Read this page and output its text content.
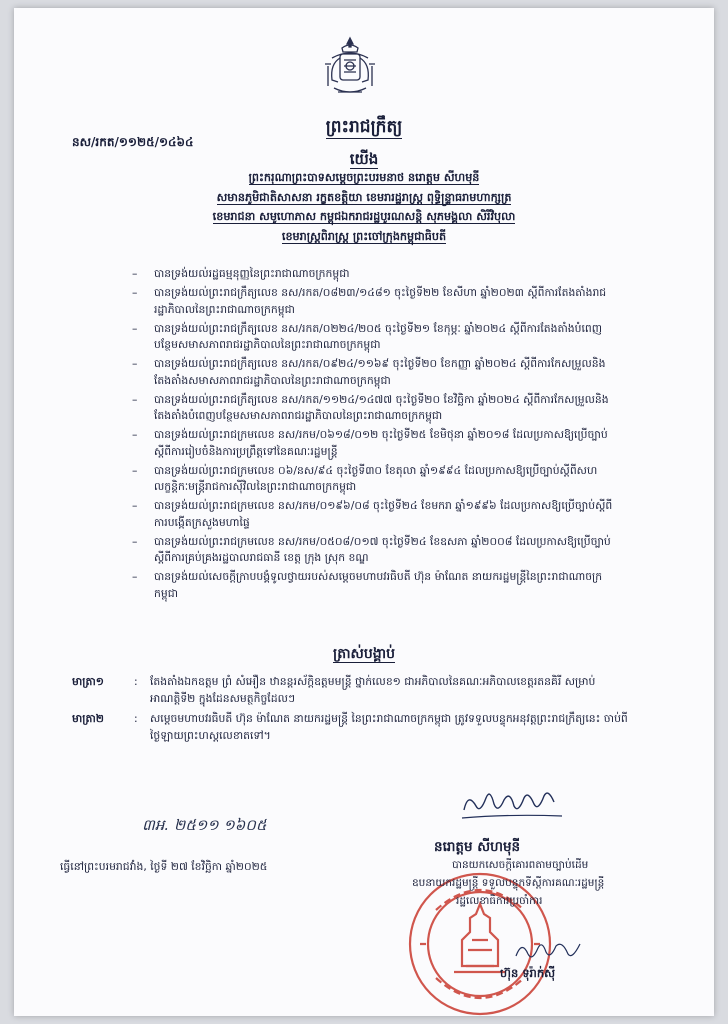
ព្រះរាជក្រឹត្យ
នស/រកត/១១២៥/១៤៦៤
យើង
ព្រះករុណាព្រះបាទសម្តេចព្រះបរមនាថ នរោត្តម សីហមុនី
សមានភូមិជាតិសាសនា រក្ខតខត្តិយា ខេមរារដ្ឋរាស្ត្រ ពុទ្ធិន្ទ្រាធរាមហាក្សត្រ
ខេមរាជនា សមូហោភាស កម្ពុជឯករាជរដ្ឋបូរណសន្តិ សុភមង្គលា សិរីវិបុលា
ខេមរាស្ត្រពិរាស្ត្រ ព្រះចៅក្រុងកម្ពុជាធិបតី
– បានទ្រង់យល់រដ្ឋធម្មនុញ្ញនៃព្រះរាជាណាចក្រកម្ពុជា
– បានទ្រង់យល់ព្រះរាជក្រឹត្យលេខ នស/រកត/០៨២៣/១៤៨១ ចុះថ្ងៃទី២២ ខែសីហា ឆ្នាំ២០២៣ ស្តីពីការតែងតាំងរាជរដ្ឋាភិបាលនៃព្រះរាជាណាចក្រកម្ពុជា
– បានទ្រង់យល់ព្រះរាជក្រឹត្យលេខ នស/រកត/០២២៤/២០៥ ចុះថ្ងៃទី២១ ខែកុម្ភៈ ឆ្នាំ២០២៤ ស្តីពីការតែងតាំងបំពេញបន្ថែមសមាសភាពរាជរដ្ឋាភិបាលនៃព្រះរាជាណាចក្រកម្ពុជា
– បានទ្រង់យល់ព្រះរាជក្រឹត្យលេខ នស/រកត/០៩២៤/១១៦៩ ចុះថ្ងៃទី២០ ខែកញ្ញា ឆ្នាំ២០២៤ ស្តីពីការកែសម្រួលនិងតែងតាំងសមាសភាពរាជរដ្ឋាភិបាលនៃព្រះរាជាណាចក្រកម្ពុជា
– បានទ្រង់យល់ព្រះរាជក្រឹត្យលេខ នស/រកត/១១២៤/១៤៧៧ ចុះថ្ងៃទី២០ ខែវិច្ឆិកា ឆ្នាំ២០២៤ ស្តីពីការកែសម្រួលនិងតែងតាំងបំពេញបន្ថែមសមាសភាពរាជរដ្ឋាភិបាលនៃព្រះរាជាណាចក្រកម្ពុជា
– បានទ្រង់យល់ព្រះរាជក្រមលេខ នស/រកម/០៦១៨/០១២ ចុះថ្ងៃទី២៥ ខែមិថុនា ឆ្នាំ២០១៨ ដែលប្រកាសឱ្យប្រើច្បាប់ស្តីពីការរៀបចំនិងការប្រព្រឹត្តទៅនៃគណៈរដ្ឋមន្ត្រី
– បានទ្រង់យល់ព្រះរាជក្រមលេខ ០៦/នស/៩៤ ចុះថ្ងៃទី៣០ ខែតុលា ឆ្នាំ១៩៩៤ ដែលប្រកាសឱ្យប្រើច្បាប់ស្តីពីសហលក្ខន្តិកៈមន្ត្រីរាជការស៊ីវិលនៃព្រះរាជាណាចក្រកម្ពុជា
– បានទ្រង់យល់ព្រះរាជក្រមលេខ នស/រកម/០១៩៦/០៨ ចុះថ្ងៃទី២៤ ខែមករា ឆ្នាំ១៩៩៦ ដែលប្រកាសឱ្យប្រើច្បាប់ស្តីពីការបង្កើតក្រសួងមហាផ្ទៃ
– បានទ្រង់យល់ព្រះរាជក្រមលេខ នស/រកម/០៥០៨/០១៧ ចុះថ្ងៃទី២៤ ខែឧសភា ឆ្នាំ២០០៨ ដែលប្រកាសឱ្យប្រើច្បាប់ស្តីពីការគ្រប់គ្រងរដ្ឋបាលរាជធានី ខេត្ត ក្រុង ស្រុក ខណ្ឌ
– បានទ្រង់យល់សេចក្តីក្រាបបង្គំទូលថ្វាយរបស់សម្តេចមហាបវរធិបតី ហ៊ុន ម៉ាណែត នាយករដ្ឋមន្ត្រីនៃព្រះរាជាណាចក្រកម្ពុជា
ត្រាស់បង្គាប់
មាត្រា១	: តែងតាំងឯកឧត្តម ព្រំ សំអឿន ឋានន្តរស័ក្តិឧត្តមមន្ត្រី ថ្នាក់លេខ១ ជាអភិបាលនៃគណៈអភិបាលខេត្តរតនគិរី សម្រាប់អាណត្តិទី២ ក្នុងដែនសមត្ថកិច្ចដែលៗ
មាត្រា២	: សម្តេចមហាបវរធិបតី ហ៊ុន ម៉ាណែត នាយករដ្ឋមន្ត្រី នៃព្រះរាជាណាចក្រកម្ពុជា ត្រូវទទួលបន្ទុកអនុវត្តព្រះរាជក្រឹត្យនេះ ចាប់ពីថ្ងៃឡាយព្រះហស្តលេខាតទៅ។
៣អ. ២៥១១ ១៦០៥
នរោត្តម សីហមុនី
ធ្វើនៅព្រះបរមរាជវាំង, ថ្ងៃទី ២៧ ខែវិច្ឆិកា ឆ្នាំ២០២៥	បានយកសេចក្តីគោរពតាមច្បាប់ដើម
ឧបនាយករដ្ឋមន្ត្រី ទទួលបន្ទុកទីស្តីការគណៈរដ្ឋមន្ត្រី
រដ្ឋលេខាធិការប្រចាំការ
ហ៊ុន ទុរ៉ាក់ស៊ី
